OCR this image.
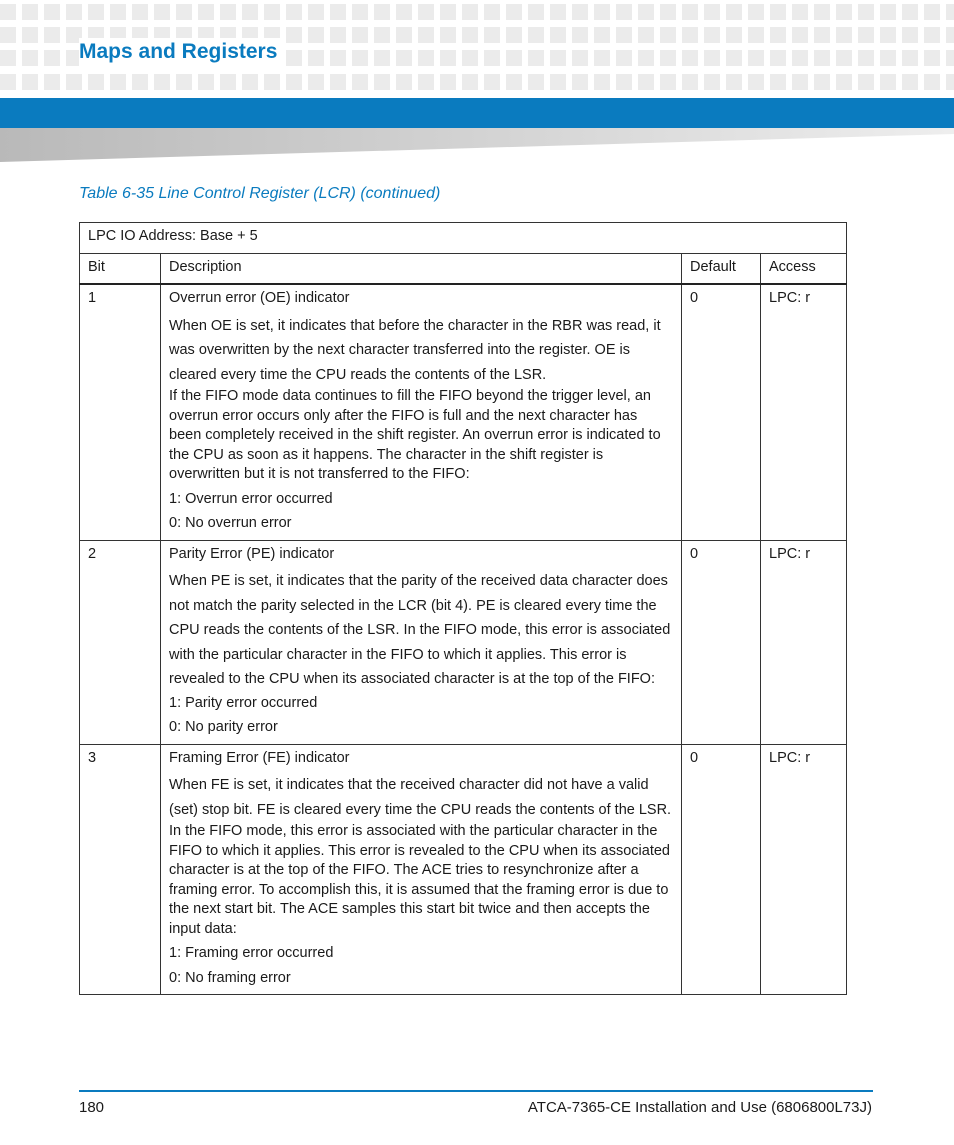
Maps and Registers
Table 6-35 Line Control Register (LCR) (continued)
LPC IO Address: Base + 5			
Bit	Description	Default	Access
1	Overrun error (OE) indicator

When OE is set, it indicates that before the character in the RBR was read, it was overwritten by the next character transferred into the register. OE is cleared every time the CPU reads the contents of the LSR.

If the FIFO mode data continues to fill the FIFO beyond the trigger level, an overrun error occurs only after the FIFO is full and the next character has been completely received in the shift register. An overrun error is indicated to the CPU as soon as it happens. The character in the shift register is overwritten but it is not transferred to the FIFO:

1: Overrun error occurred

0: No overrun error	0	LPC: r
2	Parity Error (PE) indicator

When PE is set, it indicates that the parity of the received data character does not match the parity selected in the LCR (bit 4). PE is cleared every time the CPU reads the contents of the LSR. In the FIFO mode, this error is associated with the particular character in the FIFO to which it applies. This error is revealed to the CPU when its associated character is at the top of the FIFO:

1: Parity error occurred

0: No parity error	0	LPC: r
3	Framing Error (FE) indicator

When FE is set, it indicates that the received character did not have a valid (set) stop bit. FE is cleared every time the CPU reads the contents of the LSR.

In the FIFO mode, this error is associated with the particular character in the FIFO to which it applies. This error is revealed to the CPU when its associated character is at the top of the FIFO. The ACE tries to resynchronize after a framing error. To accomplish this, it is assumed that the framing error is due to the next start bit. The ACE samples this start bit twice and then accepts the input data:

1: Framing error occurred

0: No framing error	0	LPC: r
180	ATCA-7365-CE Installation and Use (6806800L73J)
